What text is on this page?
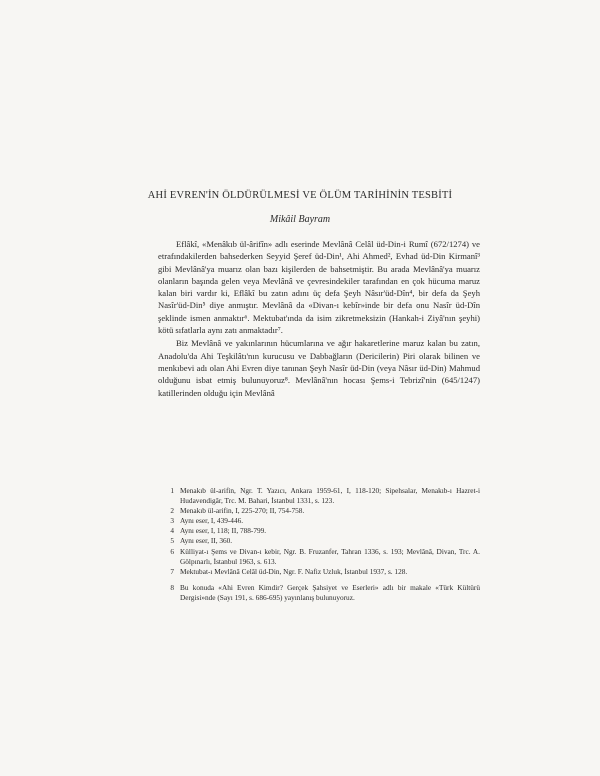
AHİ EVREN'İN ÖLDÜRÜLMESİ VE ÖLÜM TARİHİNİN TESBİTİ
Mikâil Bayram

Eflâkî, «Menâkıb ül-ârifîn» adlı eserinde Mevlânâ Celâl üd-Din-i Rumî (672/1274) ve etrafındakilerden bahsederken Seyyid Şeref üd-Din¹, Ahi Ahmed², Evhad üd-Din Kirmanî³ gibi Mevlânâ'ya muarız olan bazı kişilerden de bahsetmiştir. Bu arada Mevlânâ'ya muarız olanların başında gelen veya Mevlânâ ve çevresindekiler tarafından en çok hücuma maruz kalan biri vardır ki, Eflâkî bu zatın adını üç defa Şeyh Nâsır'üd-Dîn⁴, bir defa da Şeyh Nasîr'üd-Din⁵ diye anmıştır. Mevlânâ da «Divan-ı kebîr»inde bir defa onu Nasîr üd-Dîn şeklinde ismen anmaktır⁶. Mektubat'ında da isim zikretmeksizin (Hankah-i Ziyâ'nın şeyhi) kötü sıfatlarla aynı zatı anmaktadır⁷.

Biz Mevlânâ ve yakınlarının hücumlarına ve ağır hakaretlerine maruz kalan bu zatın, Anadolu'da Ahi Teşkilâtı'nın kurucusu ve Dabbağların (Dericilerin) Piri olarak bilinen ve menkıbevi adı olan Ahi Evren diye tanınan Şeyh Nasîr üd-Din (veya Nâsır üd-Din) Mahmud olduğunu isbat etmiş bulunuyoruz⁸. Mevlânâ'nın hocası Şems-i Tebrizî'nin (645/1247) katillerinden olduğu için Mevlânâ

1 Menakıb ül-arifin, Ngr. T. Yazıcı, Ankara 1959-61, I, 118-120; Sipehsalar, Menakıb-ı Hazret-i Hudavendigâr, Trc. M. Bahari, İstanbul 1331, s. 123.
2 Menakıb ül-arifin, I, 225-270; II, 754-758.
3 Aynı eser, I, 439-446.
4 Aynı eser, I, 118; II, 788-799.
5 Aynı eser, II, 360.
6 Külliyat-ı Şems ve Divan-ı kebir, Ngr. B. Fruzanfer, Tahran 1336, s. 193; Mevlânâ, Divan, Trc. A. Gölpınarlı, İstanbul 1963, s. 613.
7 Mektubat-ı Mevlânâ Celâl üd-Din, Ngr. F. Nafiz Uzluk, İstanbul 1937, s. 128.
8 Bu konuda «Ahi Evren Kimdir? Gerçek Şahsiyet ve Eserleri» adlı bir makale «Türk Kültürü Dergisi»nde (Sayı 191, s. 686-695) yayınlanış bulunuyoruz.
